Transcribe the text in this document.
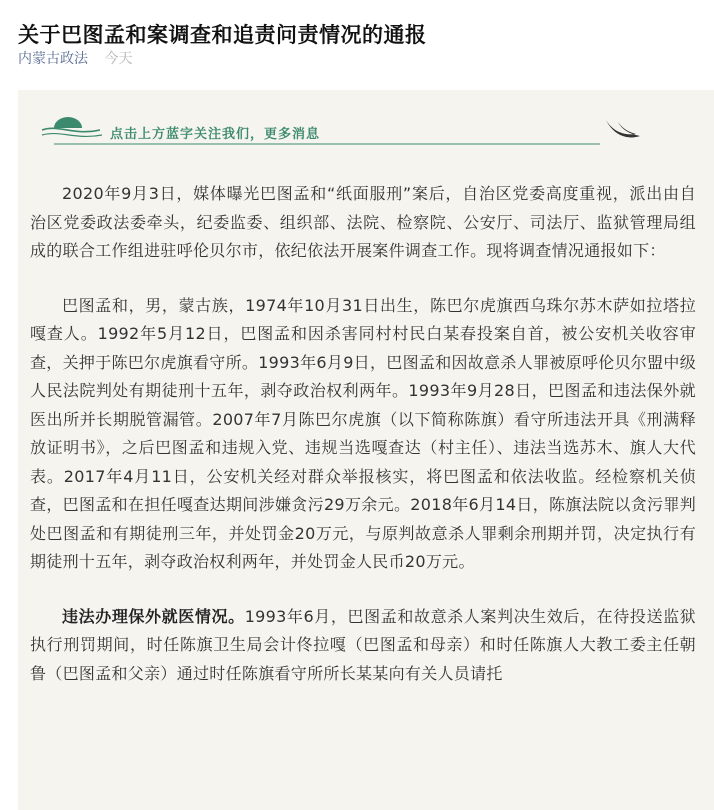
关于巴图孟和案调查和追责问责情况的通报
内蒙古政法 今天
点击上方蓝字关注我们，更多消息

2020年9月3日，媒体曝光巴图孟和“纸面服刑”案后，自治区党委高度重视，派出由自治区党委政法委牵头，纪委监委、组织部、法院、检察院、公安厅、司法厅、监狱管理局组成的联合工作组进驻呼伦贝尔市，依纪依法开展案件调查工作。现将调查情况通报如下：

巴图孟和，男，蒙古族，1974年10月31日出生，陈巴尔虎旗西乌珠尔苏木萨如拉塔拉嘎查人。1992年5月12日，巴图孟和因杀害同村村民白某春投案自首，被公安机关收容审查，关押于陈巴尔虎旗看守所。1993年6月9日，巴图孟和因故意杀人罪被原呼伦贝尔盟中级人民法院判处有期徒刑十五年，剥夺政治权利两年。1993年9月28日，巴图孟和违法保外就医出所并长期脱管漏管。2007年7月陈巴尔虎旗（以下简称陈旗）看守所违法开具《刑满释放证明书》，之后巴图孟和违规入党、违规当选嘎查达（村主任）、违法当选苏木、旗人大代表。2017年4月11日，公安机关经对群众举报核实，将巴图孟和依法收监。经检察机关侦查，巴图孟和在担任嘎查达期间涉嫌贪污29万余元。2018年6月14日，陈旗法院以贪污罪判处巴图孟和有期徒刑三年，并处罚金20万元，与原判故意杀人罪剩余刑期并罚，决定执行有期徒刑十五年，剥夺政治权利两年，并处罚金人民币20万元。

违法办理保外就医情况。1993年6月，巴图孟和故意杀人案判决生效后，在待投送监狱执行刑罚期间，时任陈旗卫生局会计佟拉嘎（巴图孟和母亲）和时任陈旗人大教工委主任朝鲁（巴图孟和父亲）通过时任陈旗看守所所长某某向有关人员请托
